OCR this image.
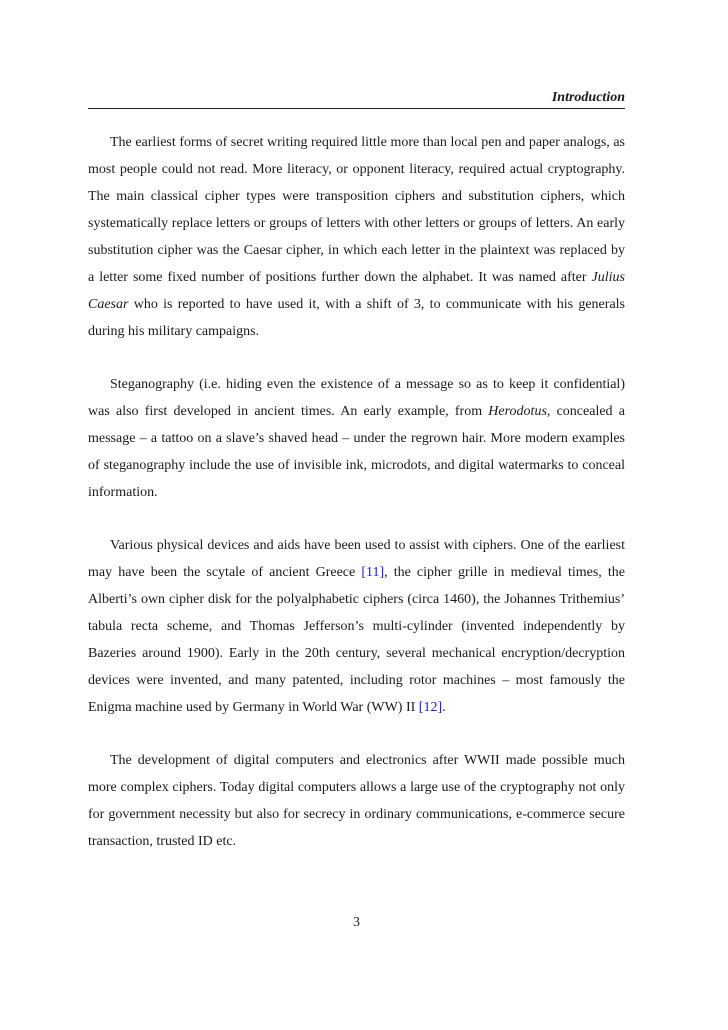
Introduction

The earliest forms of secret writing required little more than local pen and paper analogs, as most people could not read. More literacy, or opponent literacy, required actual cryptography. The main classical cipher types were transposition ciphers and substitution ciphers, which systematically replace letters or groups of letters with other letters or groups of letters. An early substitution cipher was the Caesar cipher, in which each letter in the plaintext was replaced by a letter some fixed number of positions further down the alphabet. It was named after Julius Caesar who is reported to have used it, with a shift of 3, to communicate with his generals during his military campaigns.

Steganography (i.e. hiding even the existence of a message so as to keep it confidential) was also first developed in ancient times. An early example, from Herodotus, concealed a message – a tattoo on a slave’s shaved head – under the regrown hair. More modern examples of steganography include the use of invisible ink, microdots, and digital watermarks to conceal information.

Various physical devices and aids have been used to assist with ciphers. One of the earliest may have been the scytale of ancient Greece [11], the cipher grille in medieval times, the Alberti’s own cipher disk for the polyalphabetic ciphers (circa 1460), the Johannes Trithemius’ tabula recta scheme, and Thomas Jefferson’s multi-cylinder (invented independently by Bazeries around 1900). Early in the 20th century, several mechanical encryption/decryption devices were invented, and many patented, including rotor machines – most famously the Enigma machine used by Germany in World War (WW) II [12].

The development of digital computers and electronics after WWII made possible much more complex ciphers. Today digital computers allows a large use of the cryptography not only for government necessity but also for secrecy in ordinary communications, e-commerce secure transaction, trusted ID etc.

3
